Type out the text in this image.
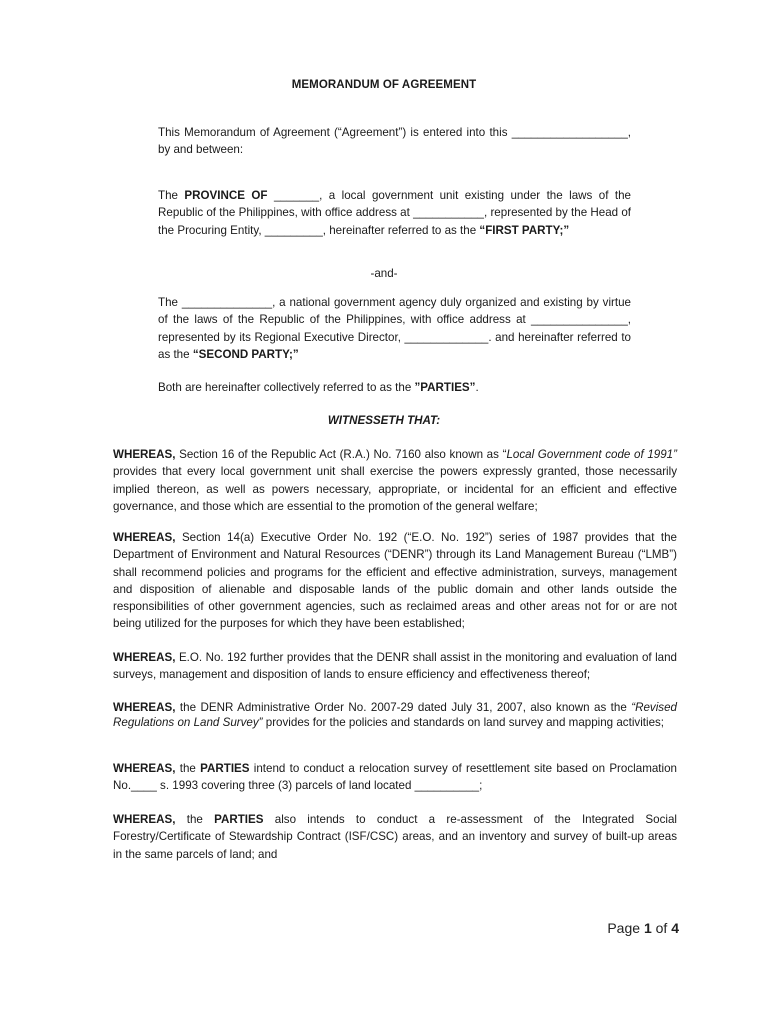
MEMORANDUM OF AGREEMENT

This Memorandum of Agreement (“Agreement”) is entered into this __________________, by and between:

The PROVINCE OF _______, a local government unit existing under the laws of the Republic of the Philippines, with office address at ___________, represented by the Head of the Procuring Entity, _________, hereinafter referred to as the “FIRST PARTY;”

-and-

The ______________, a national government agency duly organized and existing by virtue of the laws of the Republic of the Philippines, with office address at _______________, represented by its Regional Executive Director, _____________. and hereinafter referred to as the “SECOND PARTY;”

Both are hereinafter collectively referred to as the ”PARTIES”.

WITNESSETH THAT:

WHEREAS, Section 16 of the Republic Act (R.A.) No. 7160 also known as “Local Government code of 1991” provides that every local government unit shall exercise the powers expressly granted, those necessarily implied thereon, as well as powers necessary, appropriate, or incidental for an efficient and effective governance, and those which are essential to the promotion of the general welfare;

WHEREAS, Section 14(a) Executive Order No. 192 (“E.O. No. 192”) series of 1987 provides that the Department of Environment and Natural Resources (“DENR”) through its Land Management Bureau (“LMB”) shall recommend policies and programs for the efficient and effective administration, surveys, management and disposition of alienable and disposable lands of the public domain and other lands outside the responsibilities of other government agencies, such as reclaimed areas and other areas not for or are not being utilized for the purposes for which they have been established;

WHEREAS, E.O. No. 192 further provides that the DENR shall assist in the monitoring and evaluation of land surveys, management and disposition of lands to ensure efficiency and effectiveness thereof;

WHEREAS, the DENR Administrative Order No. 2007-29 dated July 31, 2007, also known as the “Revised Regulations on Land Survey” provides for the policies and standards on land survey and mapping activities;

WHEREAS, the PARTIES intend to conduct a relocation survey of resettlement site based on Proclamation No.____ s. 1993 covering three (3) parcels of land located __________;

WHEREAS, the PARTIES also intends to conduct a re-assessment of the Integrated Social Forestry/Certificate of Stewardship Contract (ISF/CSC) areas, and an inventory and survey of built-up areas in the same parcels of land; and

Page 1 of 4
